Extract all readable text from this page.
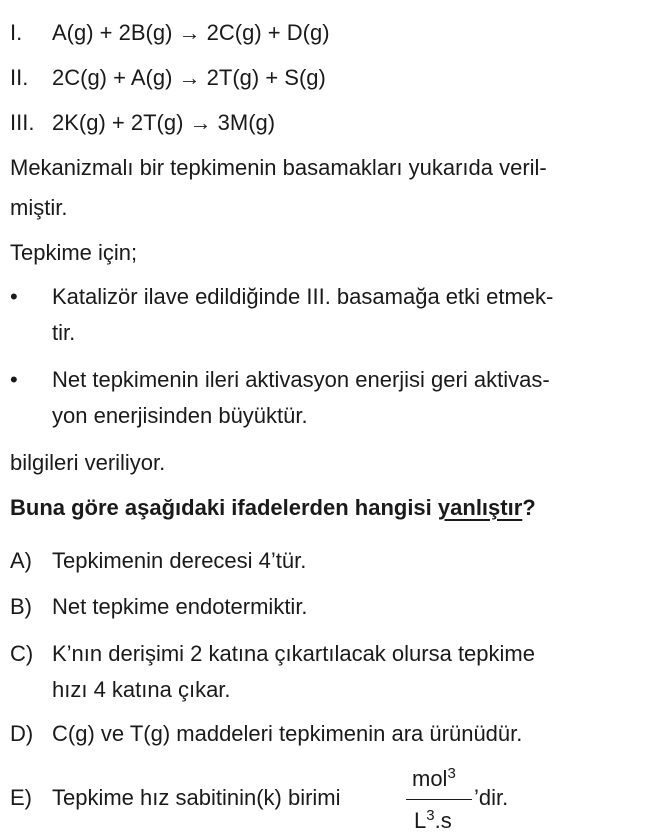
I. A(g) + 2B(g) → 2C(g) + D(g)
II. 2C(g) + A(g) → 2T(g) + S(g)
III. 2K(g) + 2T(g) → 3M(g)
Mekanizmalı bir tepkimenin basamakları yukarıda veril-
miştir.
Tepkime için;
• Katalizör ilave edildiğinde III. basamağa etki etmek-
tir.
• Net tepkimenin ileri aktivasyon enerjisi geri aktivas-
yon enerjisinden büyüktür.
bilgileri veriliyor.
Buna göre aşağıdaki ifadelerden hangisi yanlıştır?
A) Tepkimenin derecesi 4’tür.
B) Net tepkime endotermiktir.
C) K’nın derişimi 2 katına çıkartılacak olursa tepkime
hızı 4 katına çıkar.
D) C(g) ve T(g) maddeleri tepkimenin ara ürünüdür.
E) Tepkime hız sabitinin(k) birimi
mol$^3$
$L^3.s$
’dir.
